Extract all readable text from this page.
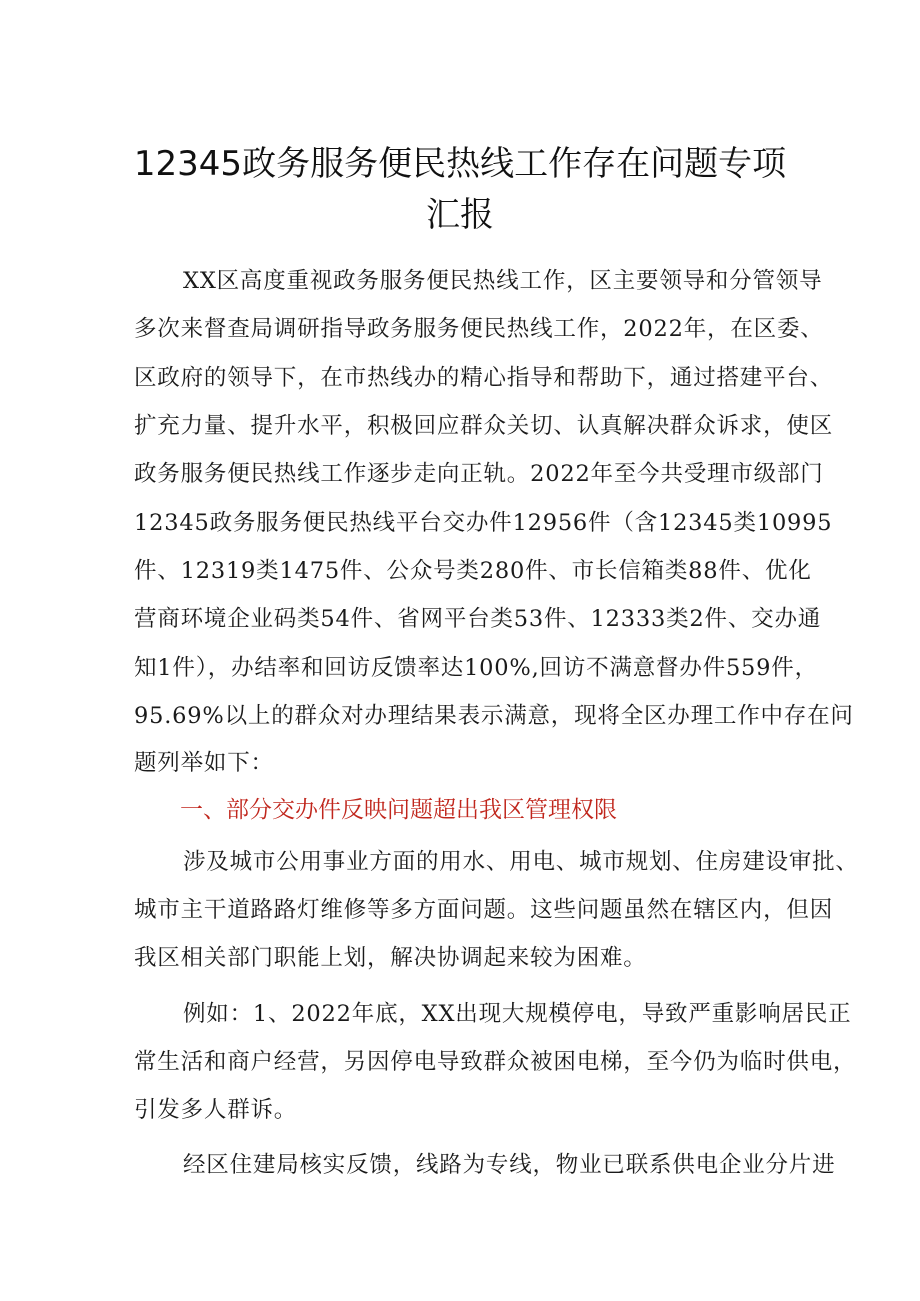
12345政务服务便民热线工作存在问题专项
汇报
XX区高度重视政务服务便民热线工作，区主要领导和分管领导
多次来督查局调研指导政务服务便民热线工作，2022年，在区委、
区政府的领导下，在市热线办的精心指导和帮助下，通过搭建平台、
扩充力量、提升水平，积极回应群众关切、认真解决群众诉求，使区
政务服务便民热线工作逐步走向正轨。2022年至今共受理市级部门
12345政务服务便民热线平台交办件12956件（含12345类10995
件、12319类1475件、公众号类280件、市长信箱类88件、优化
营商环境企业码类54件、省网平台类53件、12333类2件、交办通
知1件），办结率和回访反馈率达100%,回访不满意督办件559件，
95.69%以上的群众对办理结果表示满意，现将全区办理工作中存在问
题列举如下：
一、部分交办件反映问题超出我区管理权限
涉及城市公用事业方面的用水、用电、城市规划、住房建设审批、
城市主干道路路灯维修等多方面问题。这些问题虽然在辖区内，但因
我区相关部门职能上划，解决协调起来较为困难。
例如：1、2022年底，XX出现大规模停电，导致严重影响居民正
常生活和商户经营，另因停电导致群众被困电梯，至今仍为临时供电，
引发多人群诉。
经区住建局核实反馈，线路为专线，物业已联系供电企业分片进
